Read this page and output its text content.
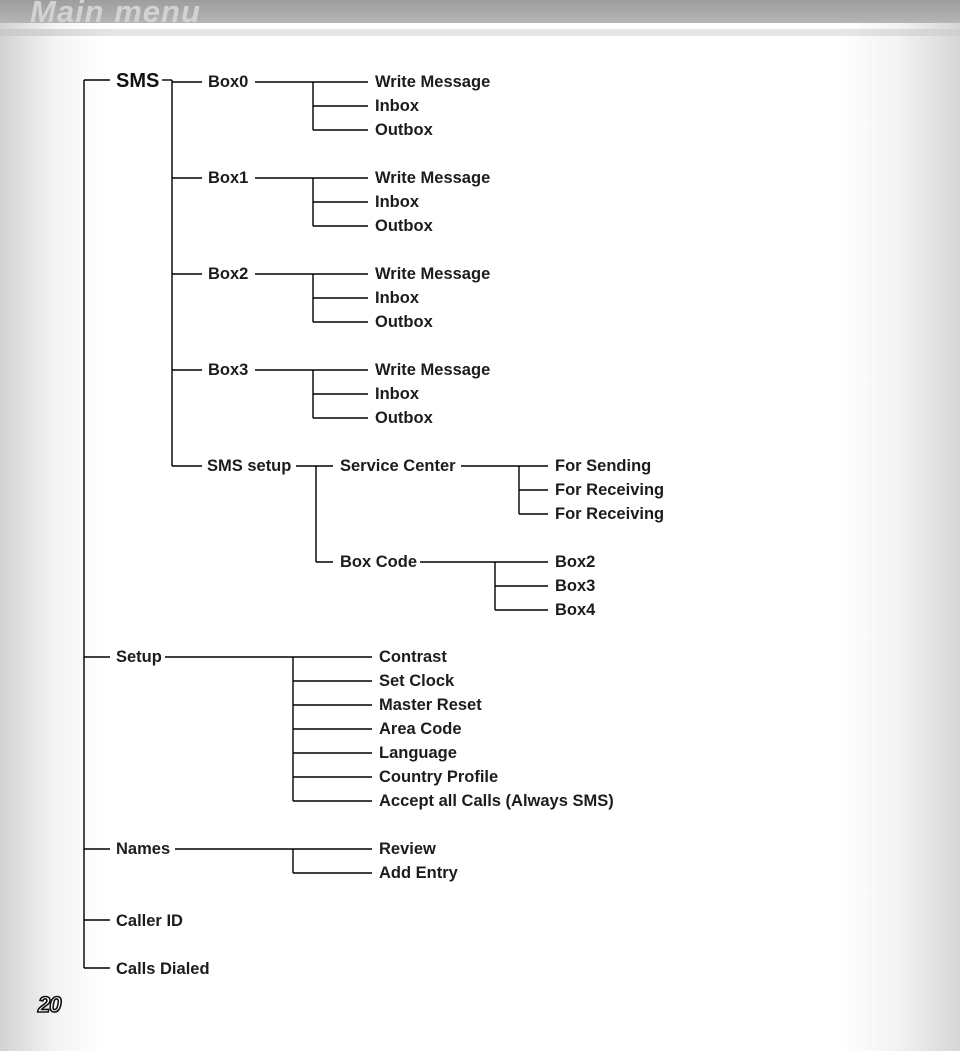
Main menu
SMS
Setup
Names
Caller ID
Calls Dialed
Box0	Write Message
Inbox
Outbox
Box1	Write Message
Inbox
Outbox
Box2	Write Message
Inbox
Outbox
Box3	Write Message
Inbox
Outbox
SMS setup	Service Center	For Sending
For Receiving
For Receiving
Box Code	Box2
Box3
Box4
Contrast
Set Clock
Master Reset
Area Code
Language
Country Profile
Accept all Calls (Always SMS)
Review
Add Entry
20
